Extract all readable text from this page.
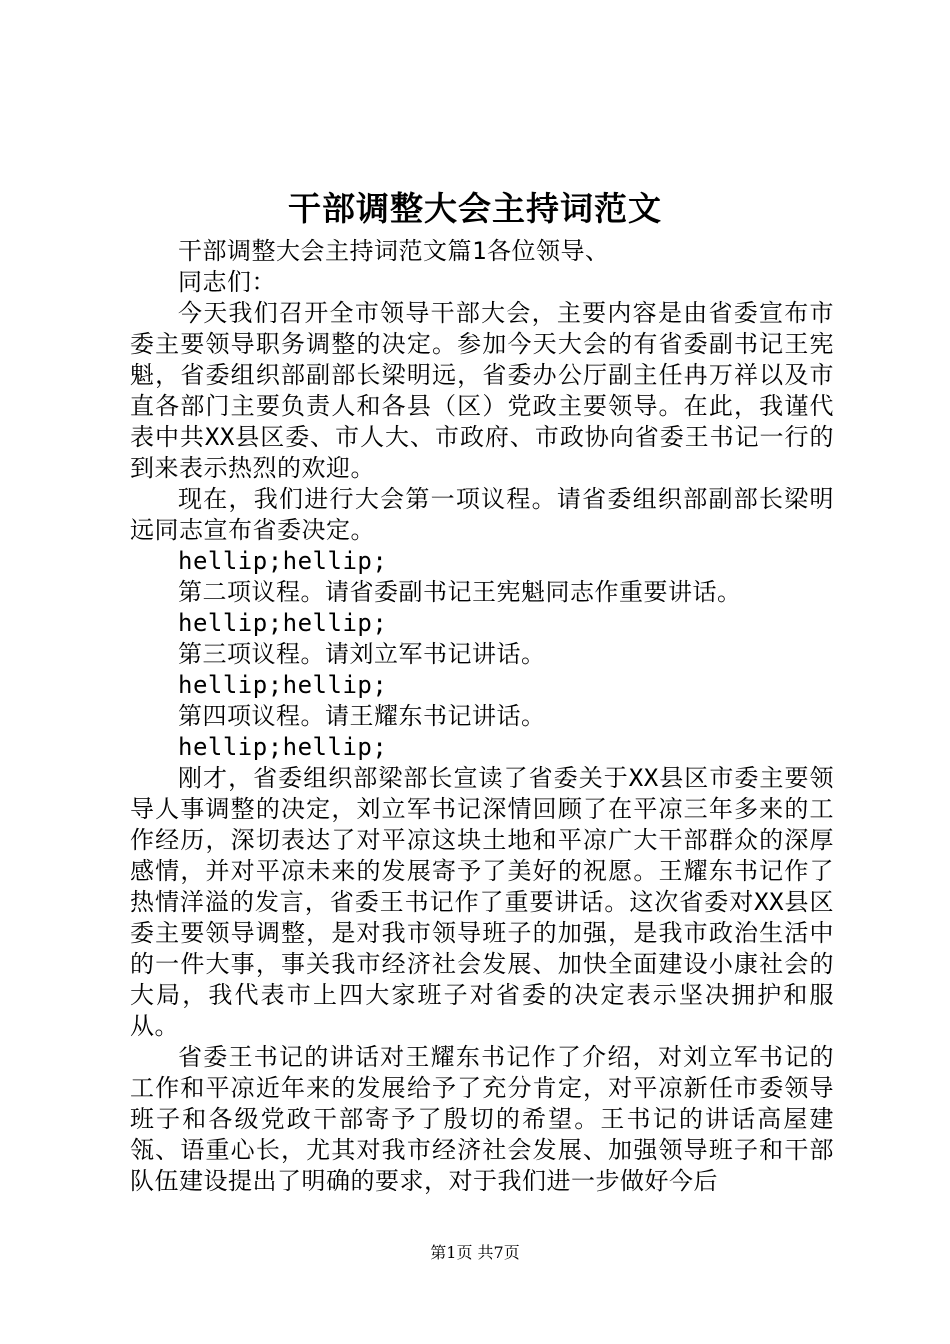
干部调整大会主持词范文

干部调整大会主持词范文篇1各位领导、

同志们：

今天我们召开全市领导干部大会，主要内容是由省委宣布市委主要领导职务调整的决定。参加今天大会的有省委副书记王宪魁，省委组织部副部长梁明远，省委办公厅副主任冉万祥以及市直各部门主要负责人和各县（区）党政主要领导。在此，我谨代表中共XX县区委、市人大、市政府、市政协向省委王书记一行的到来表示热烈的欢迎。

现在，我们进行大会第一项议程。请省委组织部副部长梁明远同志宣布省委决定。

hellip;hellip;

第二项议程。请省委副书记王宪魁同志作重要讲话。

hellip;hellip;

第三项议程。请刘立军书记讲话。

hellip;hellip;

第四项议程。请王耀东书记讲话。

hellip;hellip;

刚才，省委组织部梁部长宣读了省委关于XX县区市委主要领导人事调整的决定，刘立军书记深情回顾了在平凉三年多来的工作经历，深切表达了对平凉这块土地和平凉广大干部群众的深厚感情，并对平凉未来的发展寄予了美好的祝愿。王耀东书记作了热情洋溢的发言，省委王书记作了重要讲话。这次省委对XX县区委主要领导调整，是对我市领导班子的加强，是我市政治生活中的一件大事，事关我市经济社会发展、加快全面建设小康社会的大局，我代表市上四大家班子对省委的决定表示坚决拥护和服从。

省委王书记的讲话对王耀东书记作了介绍，对刘立军书记的工作和平凉近年来的发展给予了充分肯定，对平凉新任市委领导班子和各级党政干部寄予了殷切的希望。王书记的讲话高屋建瓴、语重心长，尤其对我市经济社会发展、加强领导班子和干部队伍建设提出了明确的要求，对于我们进一步做好今后

第1页 共7页
